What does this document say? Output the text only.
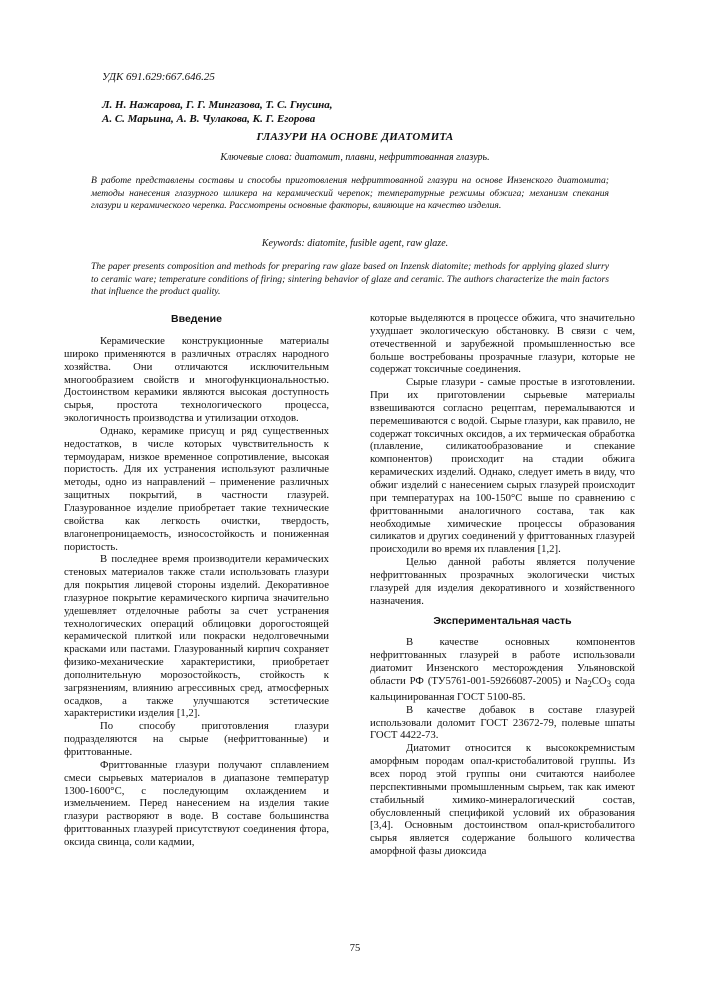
УДК 691.629:667.646.25
Л. Н. Нажарова, Г. Г. Мингазова, Т. С. Гнусина,
А. С. Марьина, А. В. Чулакова, К. Г. Егорова
ГЛАЗУРИ НА ОСНОВЕ ДИАТОМИТА
Ключевые слова: диатомит, плавни, нефриттованная глазурь.

В работе представлены составы и способы приготовления нефриттованной глазури на основе Инзенского диатомита; методы нанесения глазурного шликера на керамический черепок; температурные режимы обжига; механизм спекания глазури и керамического черепка. Рассмотрены основные факторы, влияющие на качество изделия.

Keywords: diatomite, fusible agent, raw glaze.

The paper presents composition and methods for preparing raw glaze based on Inzensk diatomite; methods for applying glazed slurry to ceramic ware; temperature conditions of firing; sintering behavior of glaze and ceramic. The authors characterize the main factors that influence the product quality.

Введение

Керамические конструкционные материалы широко применяются в различных отраслях народного хозяйства. Они отличаются исключительным многообразием свойств и многофункциональностью. Достоинством керамики являются высокая доступность сырья, простота технологического процесса, экологичность производства и утилизации отходов.

Однако, керамике присущ и ряд существенных недостатков, в числе которых чувствительность к термоударам, низкое временное сопротивление, высокая пористость. Для их устранения используют различные методы, одно из направлений – применение различных защитных покрытий, в частности глазурей. Глазурованное изделие приобретает такие технические свойства как легкость очистки, твердость, влагонепроницаемость, износостойкость и пониженная пористость.

В последнее время производители керамических стеновых материалов также стали использовать глазури для покрытия лицевой стороны изделий. Декоративное глазурное покрытие керамического кирпича значительно удешевляет отделочные работы за счет устранения технологических операций облицовки дорогостоящей керамической плиткой или покраски недолговечными красками или пастами. Глазурованный кирпич сохраняет физико-механические характеристики, приобретает дополнительную морозостойкость, стойкость к загрязнениям, влиянию агрессивных сред, атмосферных осадков, а также улучшаются эстетические характеристики изделия [1,2].

По способу приготовления глазури подразделяются на сырые (нефриттованные) и фриттованные.

Фриттованные глазури получают сплавлением смеси сырьевых материалов в диапазоне температур 1300-1600°С, с последующим охлаждением и измельчением. Перед нанесением на изделия такие глазури растворяют в воде. В составе большинства фриттованных глазурей присутствуют соединения фтора, оксида свинца, соли кадмии,

которые выделяются в процессе обжига, что значительно ухудшает экологическую обстановку. В связи с чем, отечественной и зарубежной промышленностью все больше востребованы прозрачные глазури, которые не содержат токсичные соединения.

Сырые глазури - самые простые в изготовлении. При их приготовлении сырьевые материалы взвешиваются согласно рецептам, перемалываются и перемешиваются с водой. Сырые глазури, как правило, не содержат токсичных оксидов, а их термическая обработка (плавление, силикатообразование и спекание компонентов) происходит на стадии обжига керамических изделий. Однако, следует иметь в виду, что обжиг изделий с нанесением сырых глазурей происходит при температурах на 100-150°С выше по сравнению с фриттованными аналогичного состава, так как необходимые химические процессы образования силикатов и других соединений у фриттованных глазурей происходили во время их плавления [1,2].

Целью данной работы является получение нефриттованных прозрачных экологически чистых глазурей для изделия декоративного и хозяйственного назначения.

Экспериментальная часть

В качестве основных компонентов нефриттованных глазурей в работе использовали диатомит Инзенского месторождения Ульяновской области РФ (ТУ5761-001-59266087-2005) и $Na_2CO_3$ сода кальцинированная ГОСТ 5100-85.

В качестве добавок в составе глазурей использовали доломит ГОСТ 23672-79, полевые шпаты ГОСТ 4422-73.

Диатомит относится к высококремнистым аморфным породам опал-кристобалитовой группы. Из всех пород этой группы они считаются наиболее перспективными промышленным сырьем, так как имеют стабильный химико-минералогический состав, обусловленный спецификой условий их образования [3,4]. Основным достоинством опал-кристобалитого сырья является содержание большого количества аморфной фазы диоксида

75
